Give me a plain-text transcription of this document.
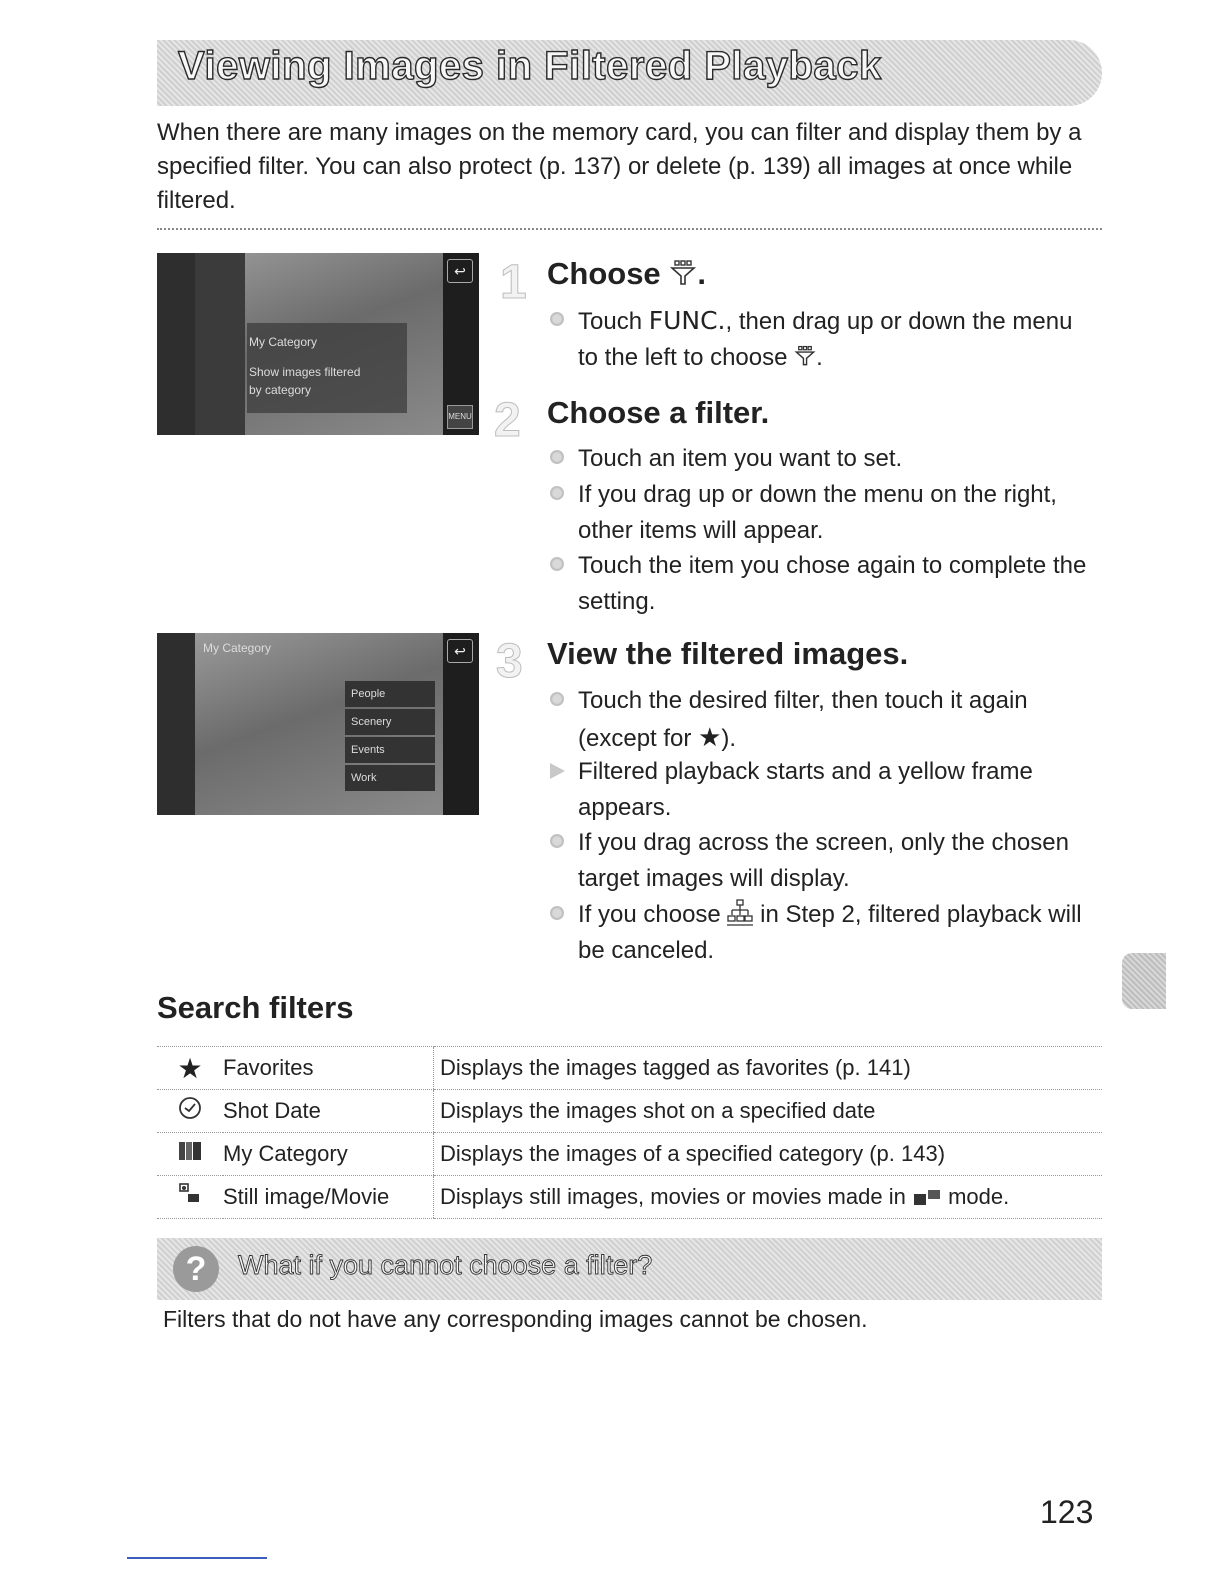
Viewing Images in Filtered Playback
When there are many images on the memory card, you can filter and display them by a specified filter. You can also protect (p. 137) or delete (p. 139) all images at once while filtered.
My Category
Show images filtered
by category
↩
MENU
My Category
People
Scenery
Events
Work
↩
1 Choose .
Touch FUNC., then drag up or down the menu to the left to choose .
2 Choose a filter.
Touch an item you want to set.
If you drag up or down the menu on the right, other items will appear.
Touch the item you chose again to complete the setting.
3 View the filtered images.
Touch the desired filter, then touch it again (except for ★).
Filtered playback starts and a yellow frame appears.
If you drag across the screen, only the chosen target images will display.
If you choose in Step 2, filtered playback will be canceled.
Search filters
★	Favorites	Displays the images tagged as favorites (p. 141)
	Shot Date	Displays the images shot on a specified date
	My Category	Displays the images of a specified category (p. 143)
	Still image/Movie	Displays still images, movies or movies made in mode.
?	What if you cannot choose a filter?
Filters that do not have any corresponding images cannot be chosen.
123
